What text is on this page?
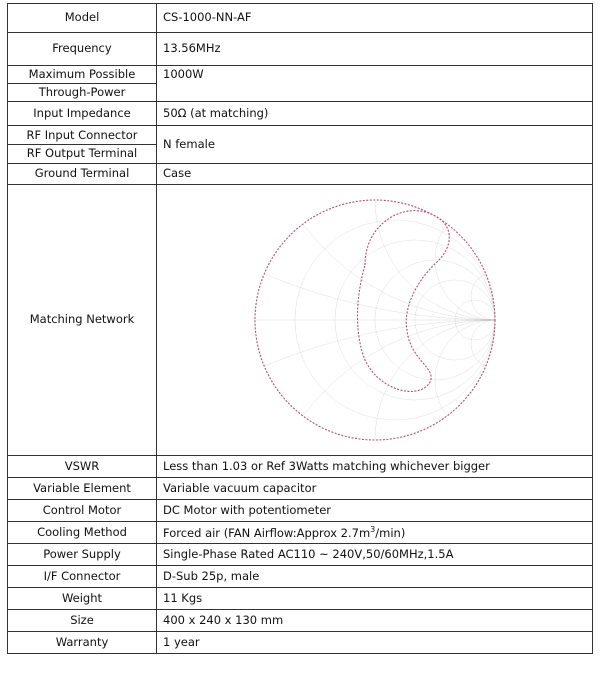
Model	CS-1000-NN-AF
Frequency	13.56MHz

Maximum Possible
Through-Power	1000W
Input Impedance	50Ω (at matching)

RF Input Connector
RF Output Terminal	N female
Ground Terminal	Case
Matching Network	

VSWR	Less than 1.03 or Ref 3Watts matching whichever bigger
Variable Element	Variable vacuum capacitor
Control Motor	DC Motor with potentiometer
Cooling Method	Forced air (FAN Airflow:Approx $2.7m^3/\min$)
Power Supply	Single-Phase Rated AC110 ~ 240V,50/60MHz,1.5A
I/F Connector	D-Sub 25p, male
Weight	11 Kgs
Size	400 x 240 x 130 mm
Warranty	1 year
